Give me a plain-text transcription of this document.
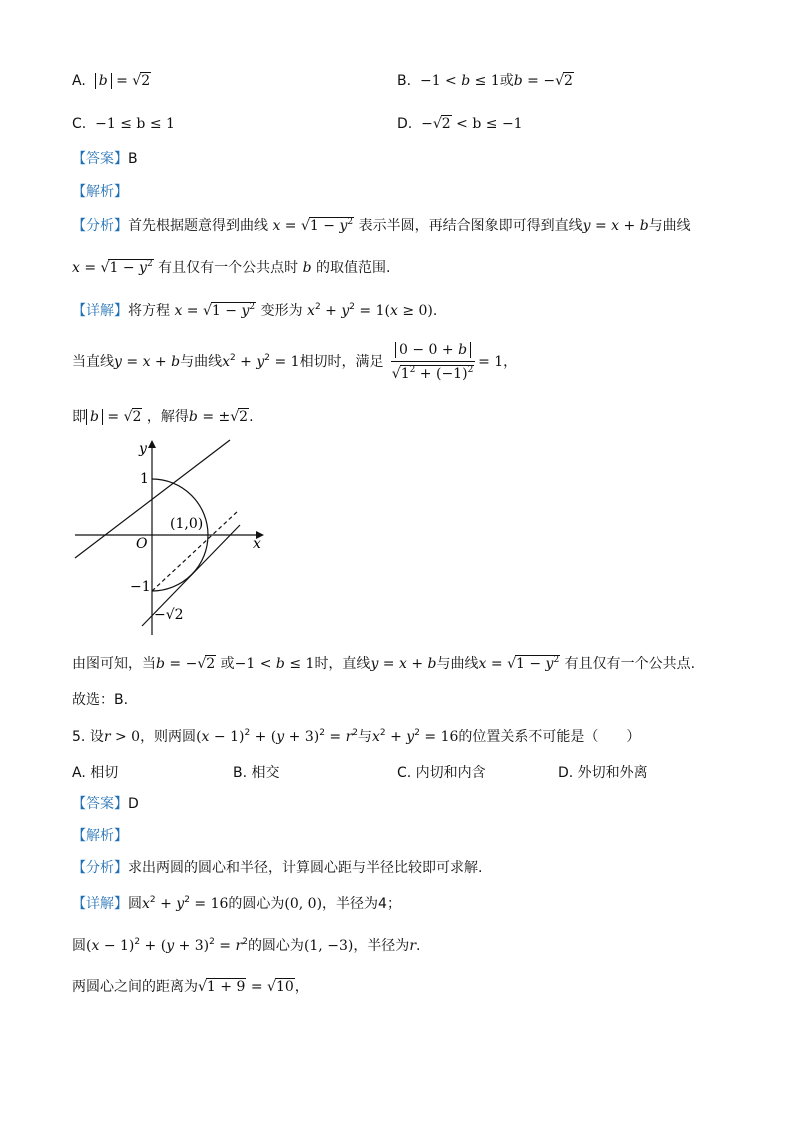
A. b = √2	B. −1 < b ≤ 1或b = −√2
C. −1 ≤ b ≤ 1	D. −√2 < b ≤ −1
【答案】B
【解析】
【分析】首先根据题意得到曲线 $x = √1 - y^2$ 表示半圆，再结合图象即可得到直线y = x + b与曲线
$x = √1 - y^2$ 有且仅有一个公共点时 b 的取值范围.
【详解】将方程 $x = √1 - y^2$ 变形为 $x^2 + y^2 = 1(x \ge 0)$.
当直线y = x + b与曲线$x^2 + y^2 = 1$相切时，满足 $\frac{0 - 0 + b}{√1^2 + (-1)^2} = 1$，
即 b = √2 ，解得b = ±√2.
y
x
O
1
−1
(1,0)
−√2
由图可知，当b = −√2 或−1 < b ≤ 1时，直线y = x + b与曲线$x = √1 - y^2$ 有且仅有一个公共点.
故选：B.
5. 设r > 0，则两圆$(x - 1)^2 + (y + 3)^2 = r^2$与$x^2 + y^2 = 16$的位置关系不可能是（　　）
A. 相切	B. 相交	C. 内切和内含	D. 外切和外离
【答案】D
【解析】
【分析】求出两圆的圆心和半径，计算圆心距与半径比较即可求解.
【详解】圆$x^2 + y^2 = 16$的圆心为(0, 0)，半径为4；
圆$(x - 1)^2 + (y + 3)^2 = r^2$的圆心为(1, −3)，半径为r.
两圆心之间的距离为√1 + 9 = √10，
